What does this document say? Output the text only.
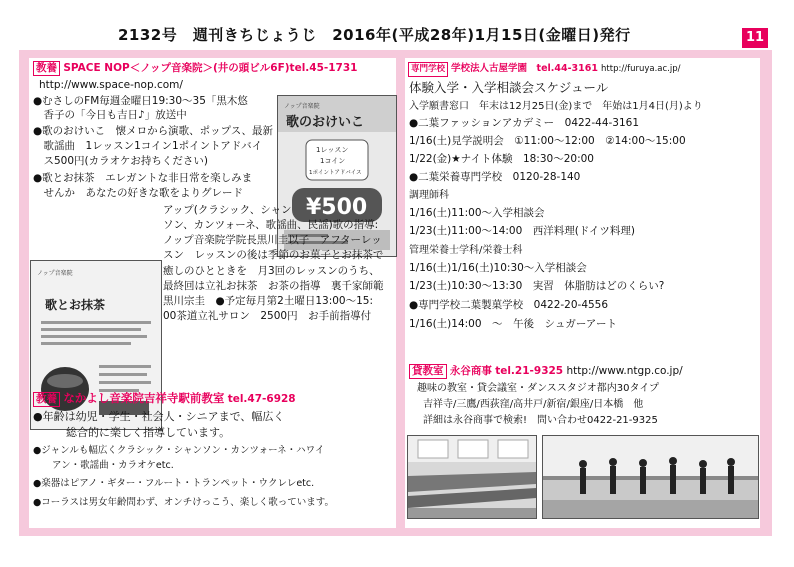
2132号　週刊きちじょうじ　2016年(平成28年)1月15日(金曜日)発行	11
教養 SPACE NOP＜ノップ音楽院＞(井の頭ビル6F)tel.45-1731
http://www.space-nop.com/
●むさしのFM毎週金曜日19:30～35「黒木悠
　香子の「今日も吉日♪」放送中
●歌のおけいこ　懐メロから演歌、ポップス、最新
　歌謡曲　1レッスン1コイン1ポイントアドバイ
　ス500円(カラオケお持ちください)
●歌とお抹茶　エレガントな非日常を楽しみま
　せんか　あなたの好きな歌をよりグレード
ノップ音楽院
歌のおけいこ
1レッスン
1コイン
1ポイントアドバイス
¥500
アップ(クラシック、シャン
ノップ音楽院
歌とお抹茶
ソン、カンツォーネ、歌謡曲、民謡)歌の指導:
ノップ音楽院学院長黒川圭以子　アフターレッ
スン　レッスンの後は季節のお菓子とお抹茶で
癒しのひとときを　月3回のレッスンのうち、
最終回は立礼お抹茶　お茶の指導　裏千家師範
黒川宗圭　●予定毎月第2土曜日13:00～15:
00茶道立礼サロン　2500円　お手前指導付
教養 なかよし音楽院吉祥寺駅前教室 tel.47-6928
●年齢は幼児・学生・社会人・シニアまで、幅広く
　　　総合的に楽しく指導しています。
●ジャンルも幅広くクラシック・シャンソン・カンツォーネ・ハワイ
　　アン・歌謡曲・カラオケetc.
●楽器はピアノ・ギター・フルート・トランペット・ウクレレetc.
●コーラスは男女年齢問わず、オンチけっこう、楽しく歌っています。
専門学校 学校法人古屋学園　tel.44-3161 http://furuya.ac.jp/
体験入学・入学相談会スケジュール
入学願書窓口　年末は12月25日(金)まで　年始は1月4日(月)より
●二葉ファッションアカデミー　0422-44-3161
1/16(土)見学説明会　①11:00～12:00　②14:00～15:00
1/22(金)★ナイト体験　18:30～20:00
●二葉栄養専門学校　0120-28-140
調理師科
1/16(土)11:00～入学相談会
1/23(土)11:00～14:00　西洋料理(ドイツ料理)
管理栄養士学科/栄養士科
1/16(土)1/16(土)10:30～入学相談会
1/23(土)10:30～13:30　実習　体脂肪はどのくらい?
●専門学校二葉製菓学校　0422-20-4556
1/16(土)14:00　～　午後　シュガーアート
貸教室 永谷商事 tel.21-9325 http://www.ntgp.co.jp/
趣味の教室・貸会議室・ダンススタジオ都内30タイプ
吉祥寺/三鷹/西荻窪/高井戸/新宿/銀座/日本橋　他
詳細は永谷商事で検索!　問い合わせ0422-21-9325
